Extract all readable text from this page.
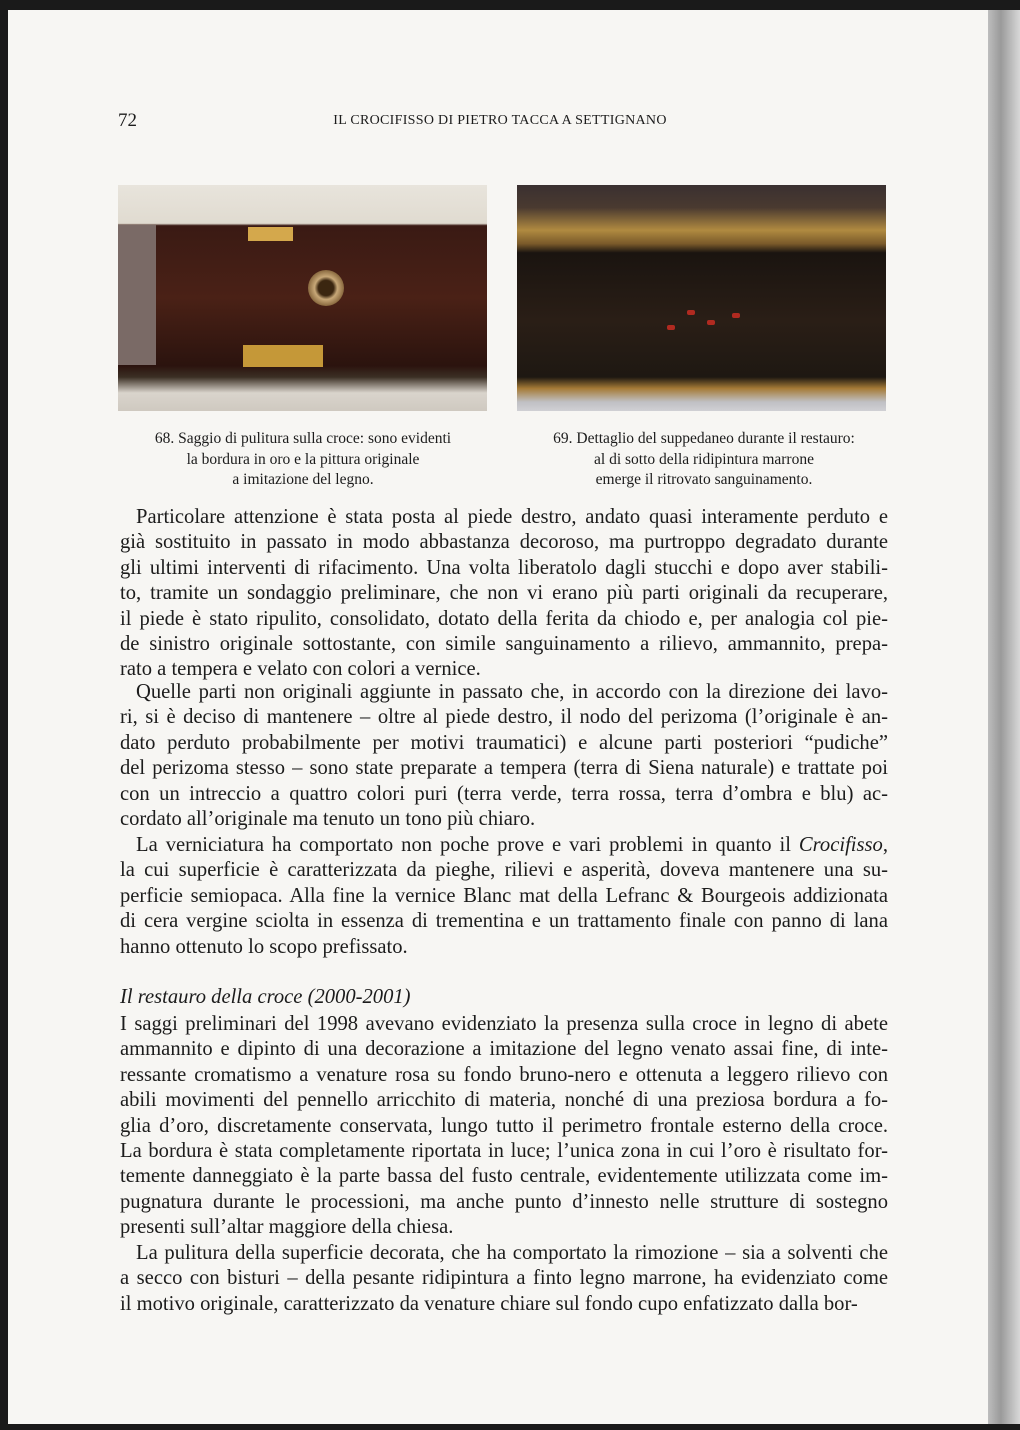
72	IL CROCIFISSO DI PIETRO TACCA A SETTIGNANO
68. Saggio di pulitura sulla croce: sono evidenti
la bordura in oro e la pittura originale
a imitazione del legno.
69. Dettaglio del suppedaneo durante il restauro:
al di sotto della ridipintura marrone
emerge il ritrovato sanguinamento.
Particolare attenzione è stata posta al piede destro, andato quasi interamente perduto e
già sostituito in passato in modo abbastanza decoroso, ma purtroppo degradato durante
gli ultimi interventi di rifacimento. Una volta liberatolo dagli stucchi e dopo aver stabili-
to, tramite un sondaggio preliminare, che non vi erano più parti originali da recuperare,
il piede è stato ripulito, consolidato, dotato della ferita da chiodo e, per analogia col pie-
de sinistro originale sottostante, con simile sanguinamento a rilievo, ammannito, prepa-
rato a tempera e velato con colori a vernice.
Quelle parti non originali aggiunte in passato che, in accordo con la direzione dei lavo-
ri, si è deciso di mantenere – oltre al piede destro, il nodo del perizoma (l’originale è an-
dato perduto probabilmente per motivi traumatici) e alcune parti posteriori “pudiche”
del perizoma stesso – sono state preparate a tempera (terra di Siena naturale) e trattate poi
con un intreccio a quattro colori puri (terra verde, terra rossa, terra d’ombra e blu) ac-
cordato all’originale ma tenuto un tono più chiaro.
La verniciatura ha comportato non poche prove e vari problemi in quanto il Crocifisso,
la cui superficie è caratterizzata da pieghe, rilievi e asperità, doveva mantenere una su-
perficie semiopaca. Alla fine la vernice Blanc mat della Lefranc & Bourgeois addizionata
di cera vergine sciolta in essenza di trementina e un trattamento finale con panno di lana
hanno ottenuto lo scopo prefissato.
Il restauro della croce (2000-2001)
I saggi preliminari del 1998 avevano evidenziato la presenza sulla croce in legno di abete
ammannito e dipinto di una decorazione a imitazione del legno venato assai fine, di inte-
ressante cromatismo a venature rosa su fondo bruno-nero e ottenuta a leggero rilievo con
abili movimenti del pennello arricchito di materia, nonché di una preziosa bordura a fo-
glia d’oro, discretamente conservata, lungo tutto il perimetro frontale esterno della croce.
La bordura è stata completamente riportata in luce; l’unica zona in cui l’oro è risultato for-
temente danneggiato è la parte bassa del fusto centrale, evidentemente utilizzata come im-
pugnatura durante le processioni, ma anche punto d’innesto nelle strutture di sostegno
presenti sull’altar maggiore della chiesa.
La pulitura della superficie decorata, che ha comportato la rimozione – sia a solventi che
a secco con bisturi – della pesante ridipintura a finto legno marrone, ha evidenziato come
il motivo originale, caratterizzato da venature chiare sul fondo cupo enfatizzato dalla bor-
